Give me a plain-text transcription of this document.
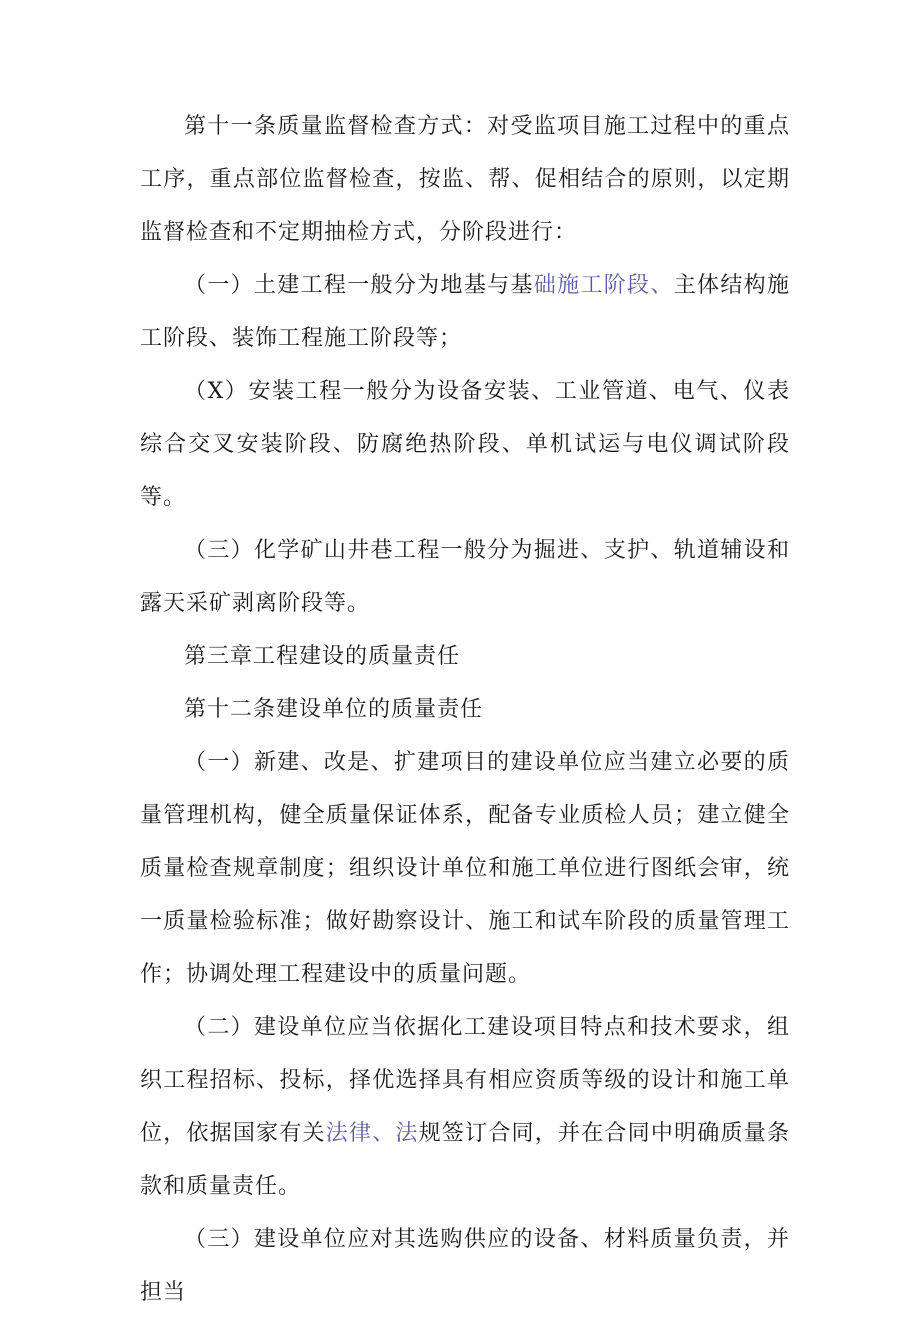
第十一条质量监督检查方式：对受监项目施工过程中的重点工序，重点部位监督检查，按监、帮、促相结合的原则，以定期监督检查和不定期抽检方式，分阶段进行：

（一）土建工程一般分为地基与基础施工阶段、主体结构施工阶段、装饰工程施工阶段等；

（X）安装工程一般分为设备安装、工业管道、电气、仪表综合交叉安装阶段、防腐绝热阶段、单机试运与电仪调试阶段等。

（三）化学矿山井巷工程一般分为掘进、支护、轨道辅设和露天采矿剥离阶段等。

第三章工程建设的质量责任

第十二条建设单位的质量责任

（一）新建、改是、扩建项目的建设单位应当建立必要的质量管理机构，健全质量保证体系，配备专业质检人员；建立健全质量检查规章制度；组织设计单位和施工单位进行图纸会审，统一质量检验标准；做好勘察设计、施工和试车阶段的质量管理工作；协调处理工程建设中的质量问题。

（二）建设单位应当依据化工建设项目特点和技术要求，组织工程招标、投标，择优选择具有相应资质等级的设计和施工单位，依据国家有关法律、法规签订合同，并在合同中明确质量条款和质量责任。

（三）建设单位应对其选购供应的设备、材料质量负责，并担当
